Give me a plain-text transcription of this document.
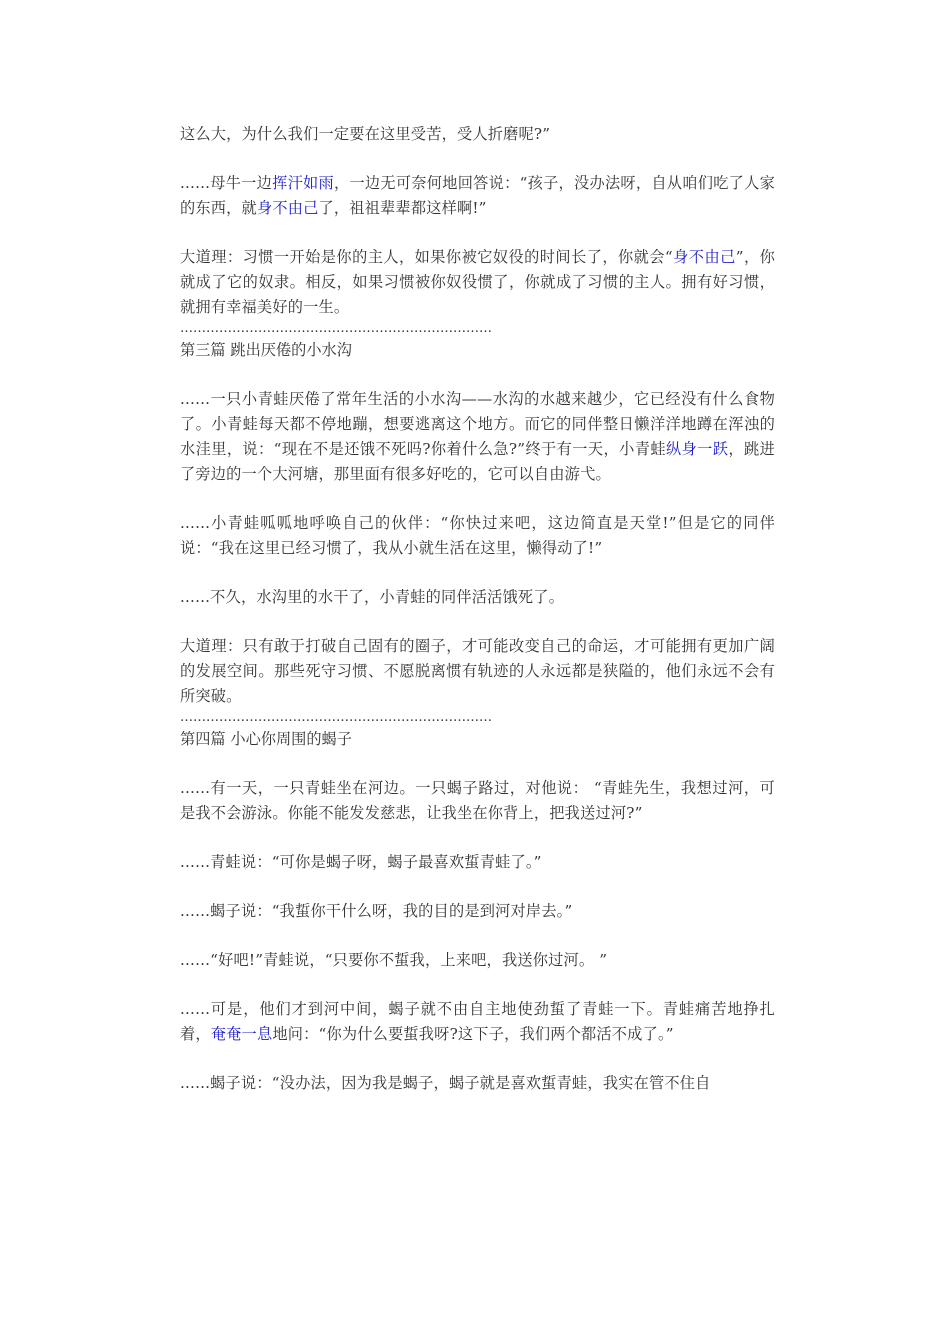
这么大，为什么我们一定要在这里受苦，受人折磨呢?”

......母牛一边挥汗如雨，一边无可奈何地回答说：“孩子，没办法呀，自从咱们吃了人家的东西，就身不由己了，祖祖辈辈都这样啊!”

大道理：习惯一开始是你的主人，如果你被它奴役的时间长了，你就会“身不由己”，你就成了它的奴隶。相反，如果习惯被你奴役惯了，你就成了习惯的主人。拥有好习惯，就拥有幸福美好的一生。

………………………………………………………………

第三篇 跳出厌倦的小水沟

......一只小青蛙厌倦了常年生活的小水沟——水沟的水越来越少，它已经没有什么食物了。小青蛙每天都不停地蹦，想要逃离这个地方。而它的同伴整日懒洋洋地蹲在浑浊的水洼里，说：“现在不是还饿不死吗?你着什么急?”终于有一天，小青蛙纵身一跃，跳进了旁边的一个大河塘，那里面有很多好吃的，它可以自由游弋。

......小青蛙呱呱地呼唤自己的伙伴：“你快过来吧，这边简直是天堂!”但是它的同伴说：“我在这里已经习惯了，我从小就生活在这里，懒得动了!”

......不久，水沟里的水干了，小青蛙的同伴活活饿死了。

大道理：只有敢于打破自己固有的圈子，才可能改变自己的命运，才可能拥有更加广阔的发展空间。那些死守习惯、不愿脱离惯有轨迹的人永远都是狭隘的，他们永远不会有所突破。

………………………………………………………………

第四篇 小心你周围的蝎子

......有一天，一只青蛙坐在河边。一只蝎子路过，对他说： “青蛙先生，我想过河，可是我不会游泳。你能不能发发慈悲，让我坐在你背上，把我送过河?”

......青蛙说：“可你是蝎子呀，蝎子最喜欢蜇青蛙了。”

......蝎子说：“我蜇你干什么呀，我的目的是到河对岸去。”

......“好吧!”青蛙说，“只要你不蜇我，上来吧，我送你过河。 ”

......可是，他们才到河中间，蝎子就不由自主地使劲蜇了青蛙一下。青蛙痛苦地挣扎着，奄奄一息地问：“你为什么要蜇我呀?这下子，我们两个都活不成了。”

......蝎子说：“没办法，因为我是蝎子，蝎子就是喜欢蜇青蛙，我实在管不住自
